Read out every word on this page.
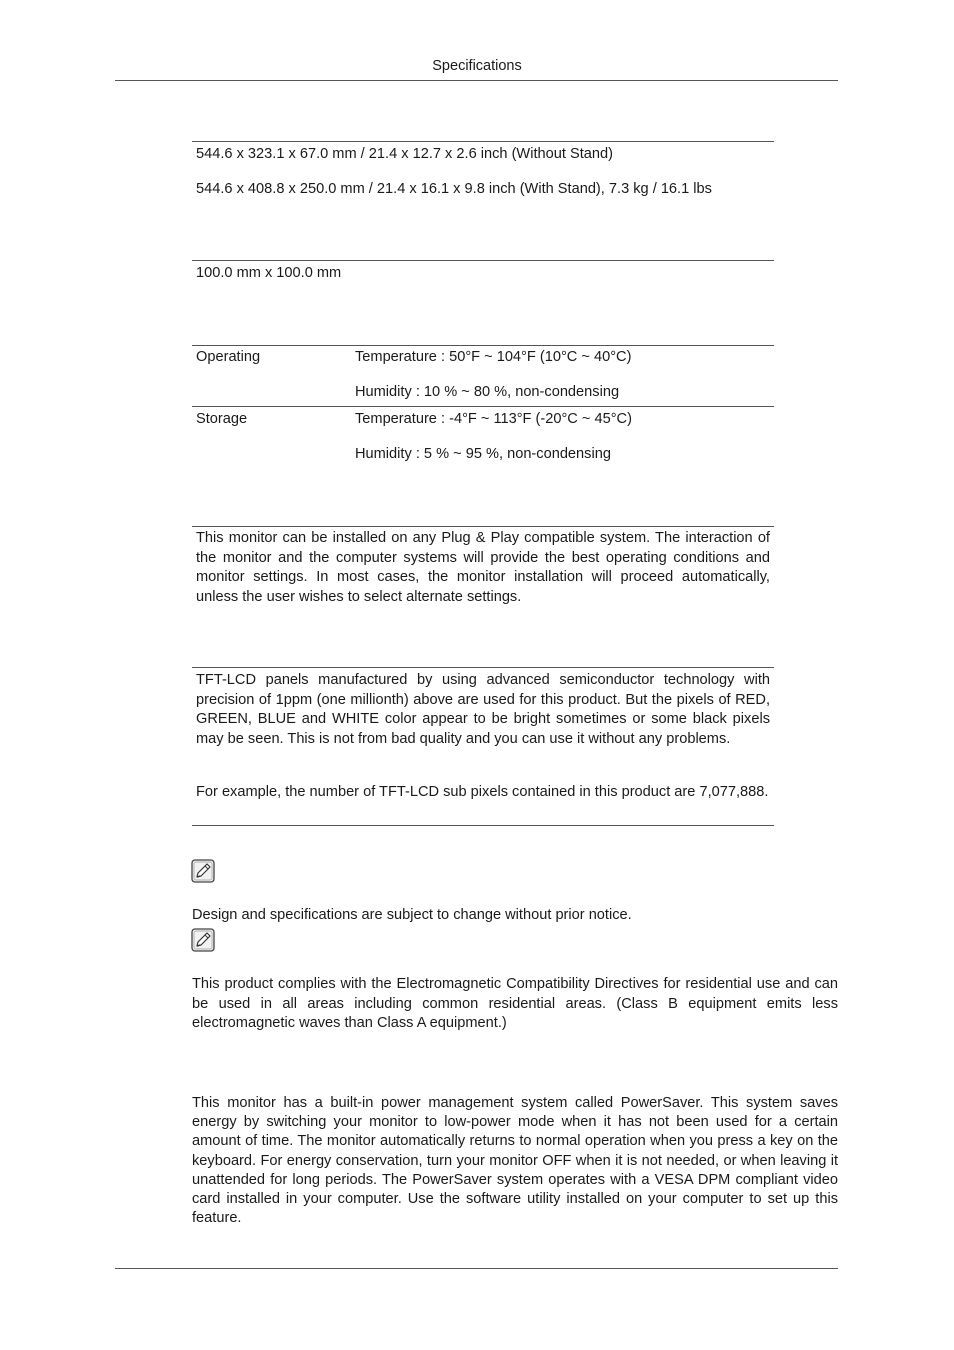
Specifications
544.6 x 323.1 x 67.0 mm / 21.4 x 12.7 x 2.6 inch (Without Stand)
544.6 x 408.8 x 250.0 mm / 21.4 x 16.1 x 9.8 inch (With Stand), 7.3 kg / 16.1 lbs
100.0 mm x 100.0 mm
Operating	Temperature : 50°F ~ 104°F (10°C ~ 40°C)
Humidity : 10 % ~ 80 %, non-condensing
Storage	Temperature : -4°F ~ 113°F (-20°C ~ 45°C)
Humidity : 5 % ~ 95 %, non-condensing
This monitor can be installed on any Plug & Play compatible system. The interaction of the monitor and the computer systems will provide the best operating conditions and monitor settings. In most cases, the monitor installation will proceed automatically, unless the user wishes to select alternate settings.
TFT-LCD panels manufactured by using advanced semiconductor technology with precision of 1ppm (one millionth) above are used for this product. But the pixels of RED, GREEN, BLUE and WHITE color appear to be bright sometimes or some black pixels may be seen. This is not from bad quality and you can use it without any problems.
For example, the number of TFT-LCD sub pixels contained in this product are 7,077,888.
Design and specifications are subject to change without prior notice.
This product complies with the Electromagnetic Compatibility Directives for residential use and can be used in all areas including common residential areas. (Class B equipment emits less electromagnetic waves than Class A equipment.)
This monitor has a built-in power management system called PowerSaver. This system saves energy by switching your monitor to low-power mode when it has not been used for a certain amount of time. The monitor automatically returns to normal operation when you press a key on the keyboard. For energy conservation, turn your monitor OFF when it is not needed, or when leaving it unattended for long periods. The PowerSaver system operates with a VESA DPM compliant video card installed in your computer. Use the software utility installed on your computer to set up this feature.
